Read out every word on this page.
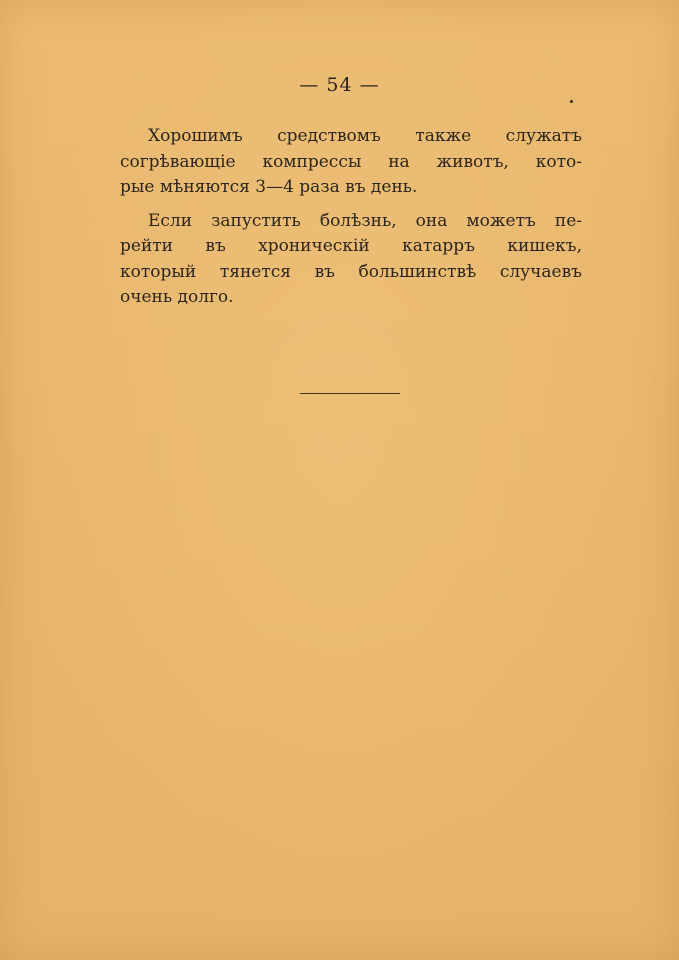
— 54 —

Хорошимъ средствомъ также служатъ
согрѣвающіе компрессы на животъ, кото-
рые мѣняются 3—4 раза въ день.

Если запустить болѣзнь, она можетъ пе-
рейти въ хроническій катарръ кишекъ,
который тянется въ большинствѣ случаевъ
очень долго.
